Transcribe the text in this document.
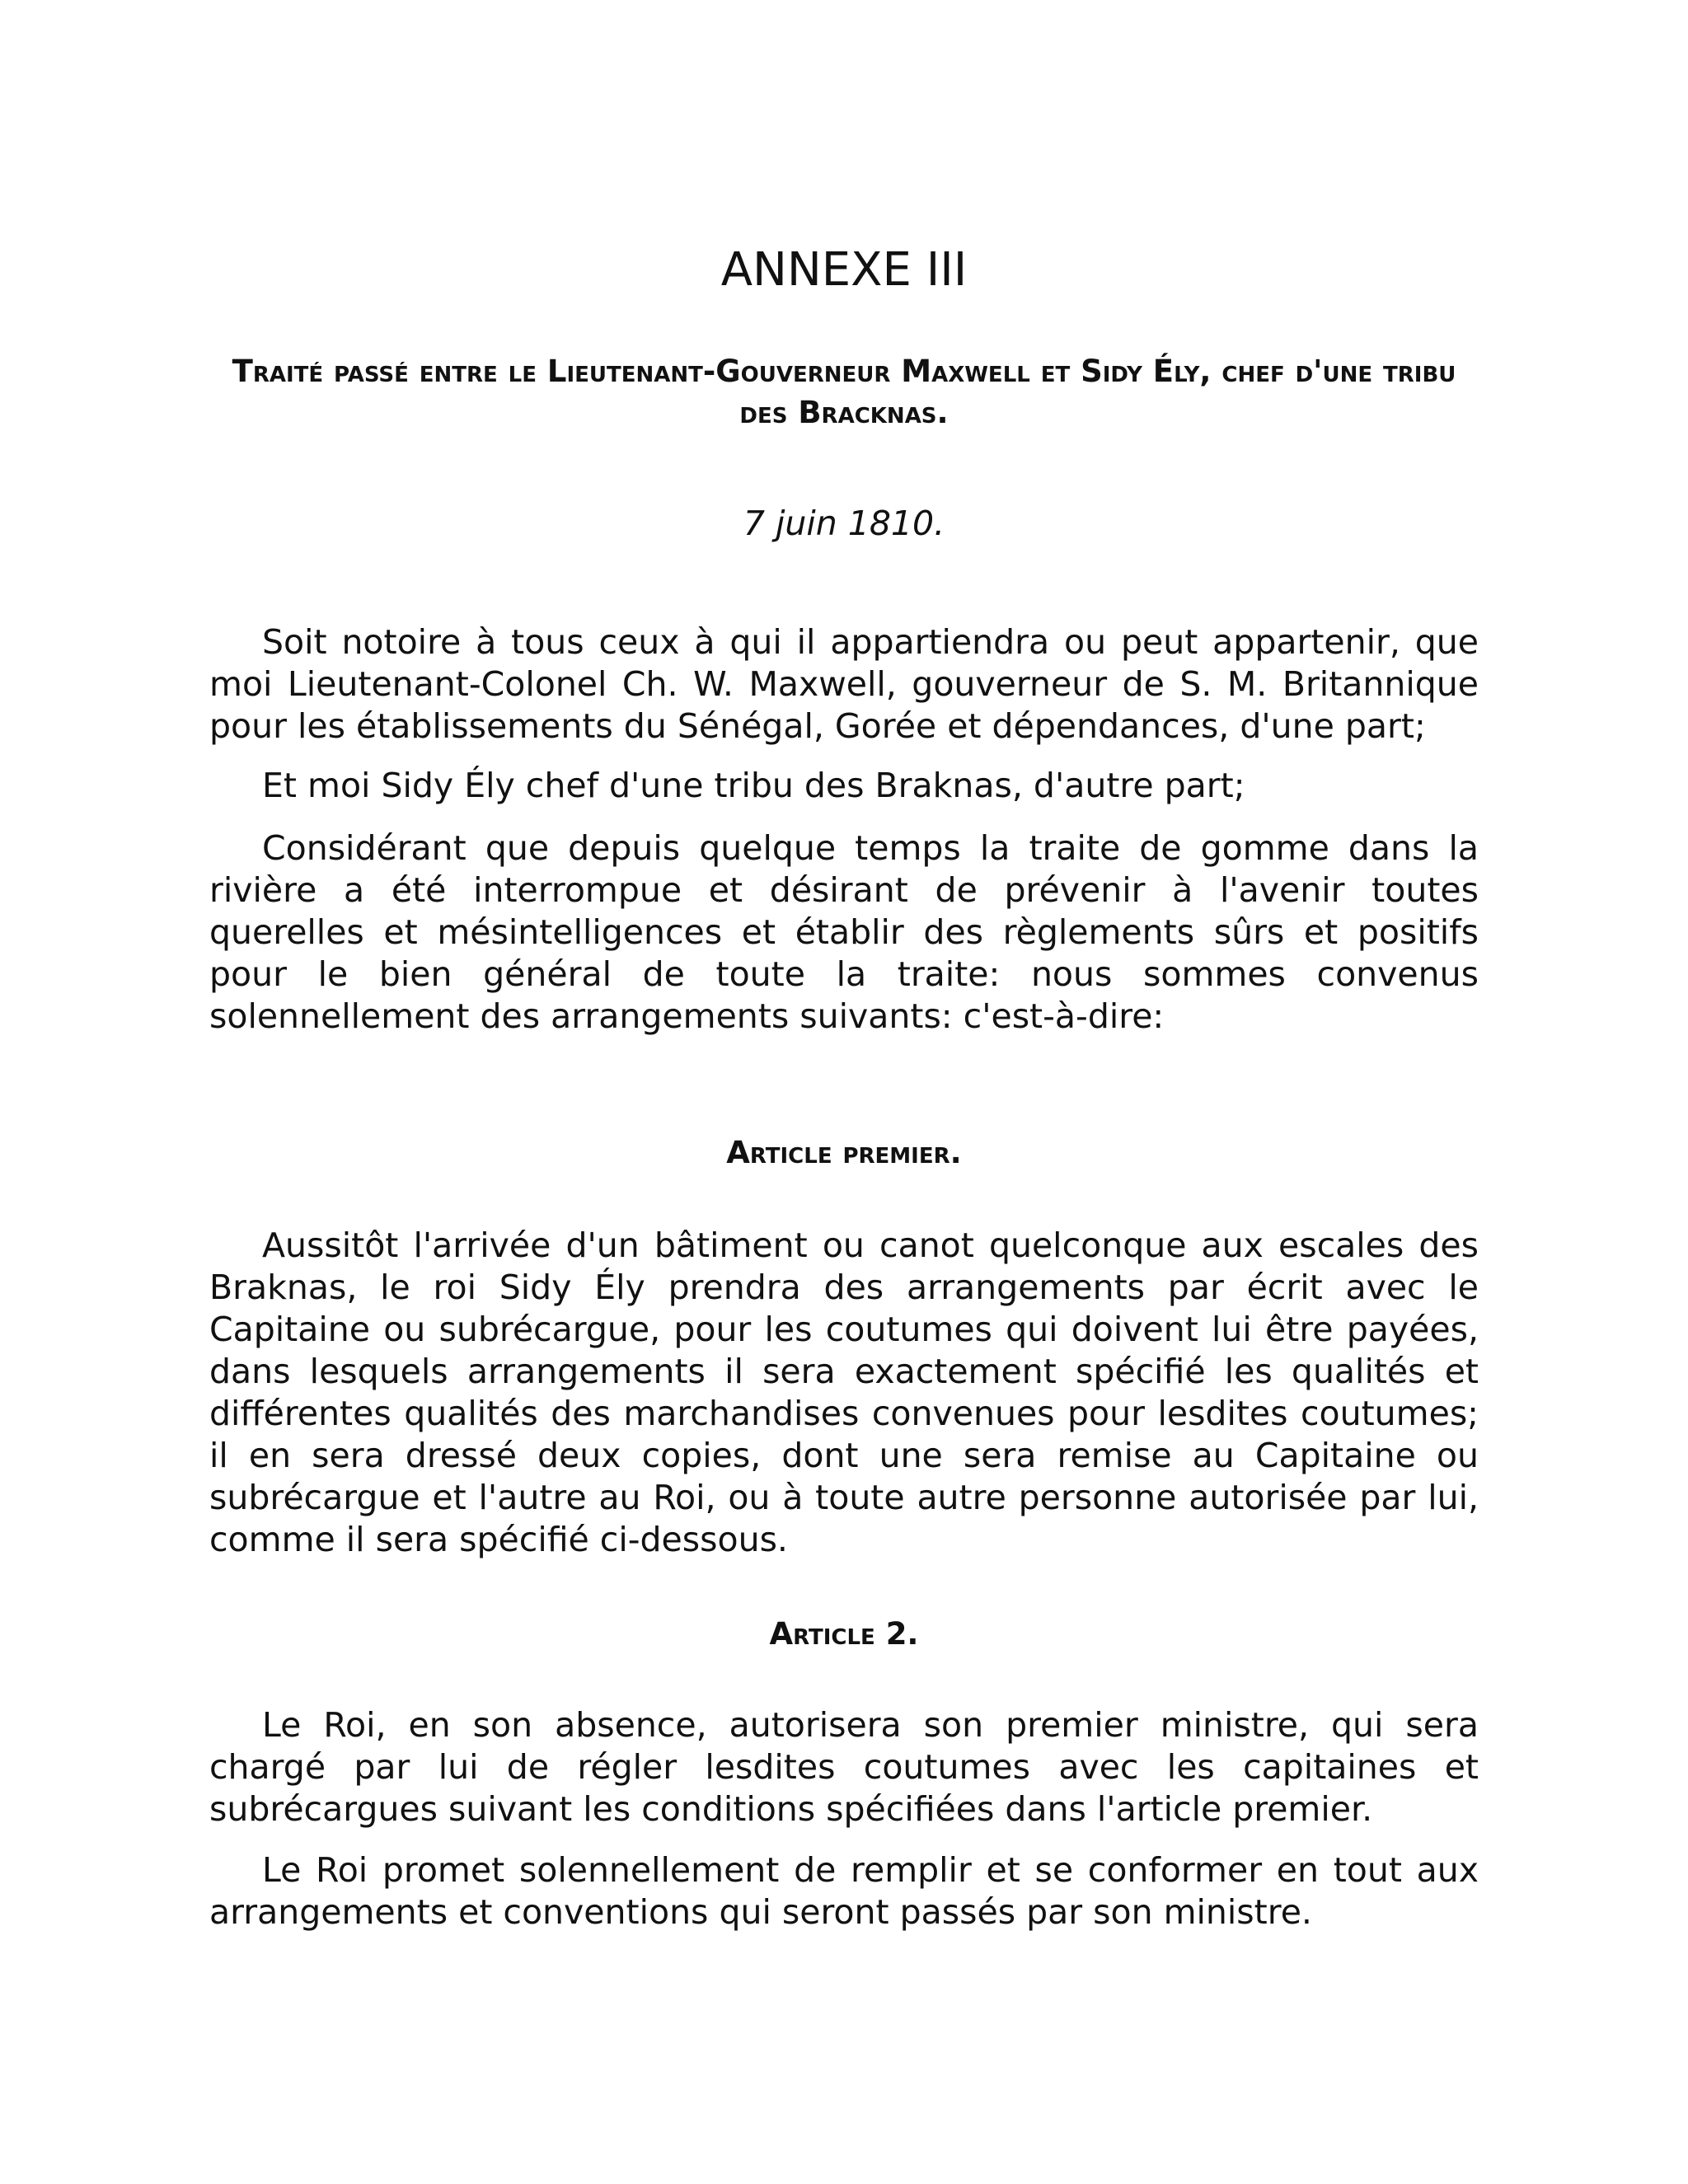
ANNEXE III
Traité passé entre le Lieutenant-Gouverneur Maxwell et Sidy Ély, chef d'une tribu des Bracknas.

7 juin 1810.

Soit notoire à tous ceux à qui il appartiendra ou peut appartenir, que moi Lieutenant-Colonel Ch. W. Maxwell, gouverneur de S. M. Britannique pour les établissements du Sénégal, Gorée et dépendances, d'une part;

Et moi Sidy Ély chef d'une tribu des Braknas, d'autre part;

Considérant que depuis quelque temps la traite de gomme dans la rivière a été interrompue et désirant de prévenir à l'avenir toutes querelles et mésintelligences et établir des règlements sûrs et positifs pour le bien général de toute la traite: nous sommes convenus solennellement des arrangements suivants: c'est-à-dire:

Article premier.

Aussitôt l'arrivée d'un bâtiment ou canot quelconque aux escales des Braknas, le roi Sidy Ély prendra des arrangements par écrit avec le Capitaine ou subrécargue, pour les coutumes qui doivent lui être payées, dans lesquels arrangements il sera exactement spécifié les qualités et différentes qualités des marchandises convenues pour lesdites coutumes; il en sera dressé deux copies, dont une sera remise au Capitaine ou subrécargue et l'autre au Roi, ou à toute autre personne autorisée par lui, comme il sera spécifié ci-dessous.

Article 2.

Le Roi, en son absence, autorisera son premier ministre, qui sera chargé par lui de régler lesdites coutumes avec les capitaines et subrécargues suivant les conditions spécifiées dans l'article premier.

Le Roi promet solennellement de remplir et se conformer en tout aux arrangements et conventions qui seront passés par son ministre.
